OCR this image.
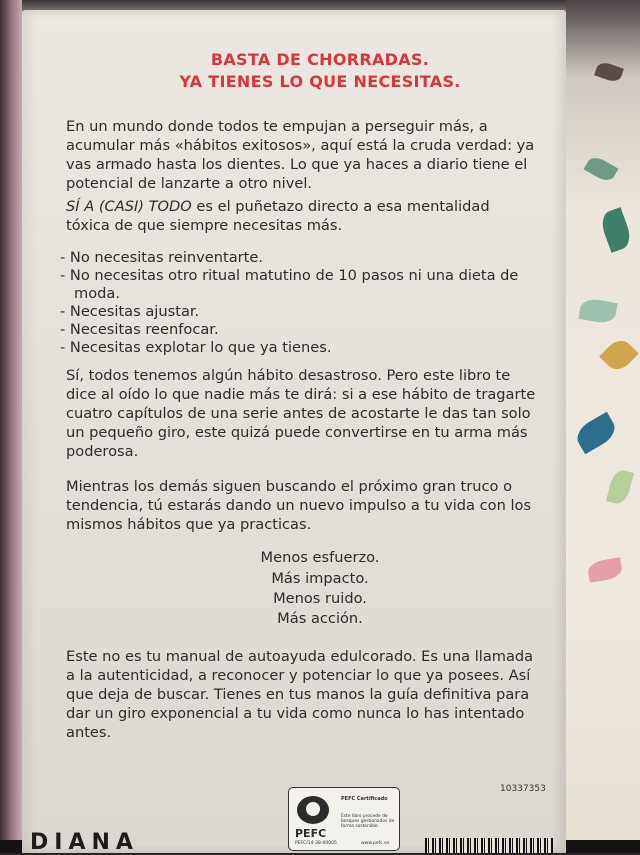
BASTA DE CHORRADAS.
YA TIENES LO QUE NECESITAS.

En un mundo donde todos te empujan a perseguir más, a acumular más «hábitos exitosos», aquí está la cruda verdad: ya vas armado hasta los dientes. Lo que ya haces a diario tiene el potencial de lanzarte a otro nivel.

SÍ A (CASI) TODO es el puñetazo directo a esa mentalidad tóxica de que siempre necesitas más.

- No necesitas reinventarte.
- No necesitas otro ritual matutino de 10 pasos ni una dieta de moda.
- Necesitas ajustar.
- Necesitas reenfocar.
- Necesitas explotar lo que ya tienes.

Sí, todos tenemos algún hábito desastroso. Pero este libro te dice al oído lo que nadie más te dirá: si a ese hábito de tragarte cuatro capítulos de una serie antes de acostarte le das tan solo un pequeño giro, este quizá puede convertirse en tu arma más poderosa.

Mientras los demás siguen buscando el próximo gran truco o tendencia, tú estarás dando un nuevo impulso a tu vida con los mismos hábitos que ya practicas.

Menos esfuerzo.

Más impacto.

Menos ruido.

Más acción.

Este no es tu manual de autoayuda edulcorado. Es una llamada a la autenticidad, a reconocer y potenciar lo que ya posees. Así que deja de buscar. Tienes en tus manos la guía definitiva para dar un giro exponencial a tu vida como nunca lo has intentado antes.

10337353
PEFC
PEFC/14-38-00005
PEFC Certificado
Este libro procede de bosques gestionados de forma sostenible
www.pefc.es
DIANA
